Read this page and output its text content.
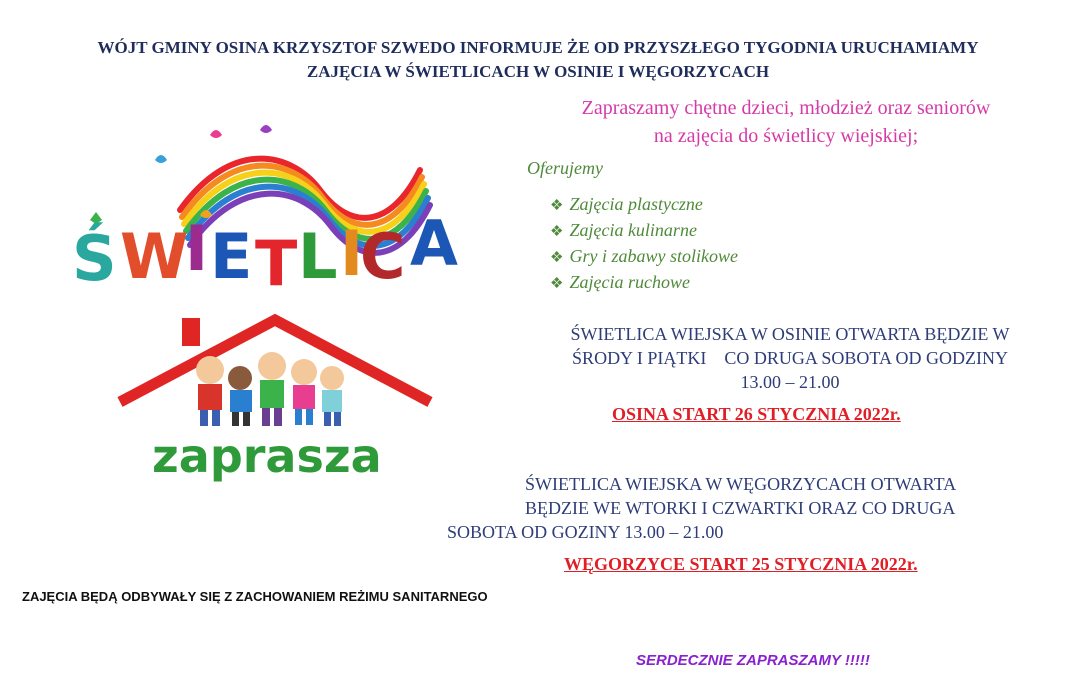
WÓJT GMINY OSINA KRZYSZTOF SZWEDO INFORMUJE ŻE OD PRZYSZŁEGO TYGODNIA URUCHAMIAMY
ZAJĘCIA W ŚWIETLICACH W OSINIE I WĘGORZYCACH
Ś W
I E T L I
C A
zaprasza
Zapraszamy chętne dzieci, młodzież oraz seniorów
na zajęcia do świetlicy wiejskiej;
Oferujemy
❖ Zajęcia plastyczne
❖ Zajęcia kulinarne
❖ Gry i zabawy stolikowe
❖ Zajęcia ruchowe
ŚWIETLICA WIEJSKA W OSINIE OTWARTA BĘDZIE W
ŚRODY I PIĄTKI    CO DRUGA SOBOTA OD GODZINY
13.00 – 21.00
OSINA START 26 STYCZNIA 2022r.
ŚWIETLICA WIEJSKA W WĘGORZYCACH OTWARTA
BĘDZIE WE WTORKI I CZWARTKI ORAZ CO DRUGA
SOBOTA OD GOZINY 13.00 – 21.00
WĘGORZYCE START 25 STYCZNIA 2022r.
ZAJĘCIA BĘDĄ ODBYWAŁY SIĘ Z ZACHOWANIEM REŻIMU SANITARNEGO
SERDECZNIE ZAPRASZAMY !!!!!
